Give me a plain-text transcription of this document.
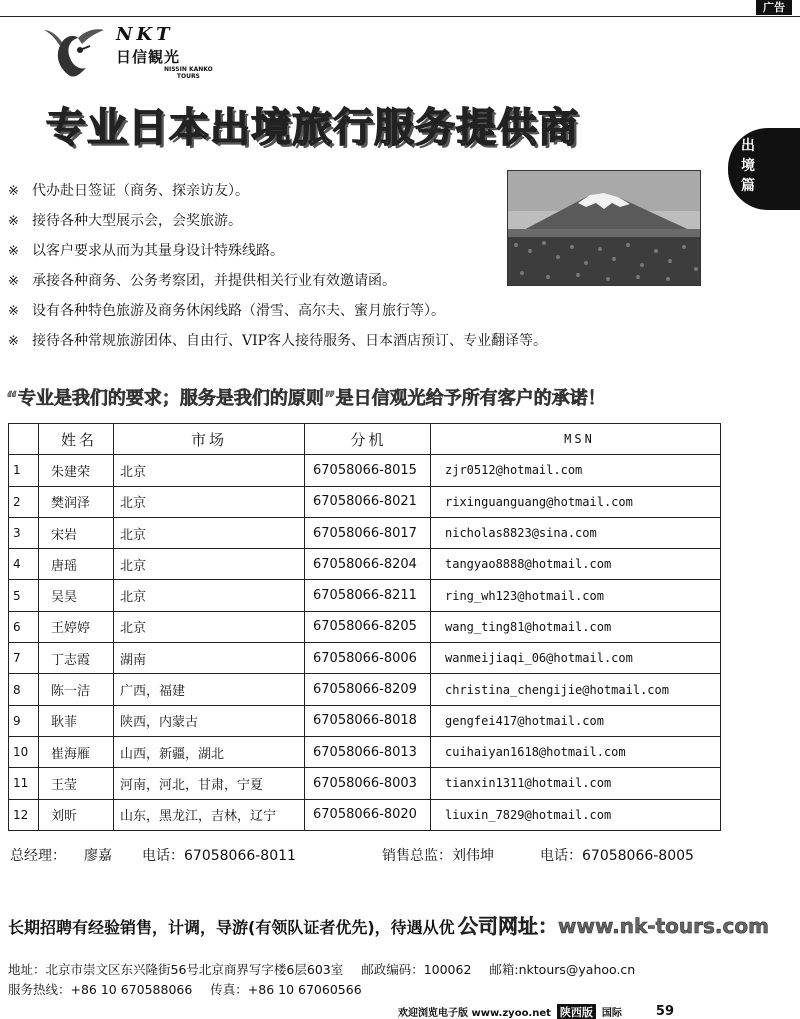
广告
NKT
日信観光
NISSIN KANKO
TOURS
专业日本出境旅行服务提供商	出境篇
※ 代办赴日签证（商务、探亲访友）。
※ 接待各种大型展示会，会奖旅游。
※ 以客户要求从而为其量身设计特殊线路。
※ 承接各种商务、公务考察团，并提供相关行业有效邀请函。
※ 设有各种特色旅游及商务休闲线路（滑雪、高尔夫、蜜月旅行等）。
※ 接待各种常规旅游团体、自由行、VIP客人接待服务、日本酒店预订、专业翻译等。
“专业是我们的要求；服务是我们的原则”是日信观光给予所有客户的承诺！
	姓名	市场	分机	MSN
1	朱建荣	北京	67058066-8015	zjr0512@hotmail.com
2	樊润泽	北京	67058066-8021	rixinguanguang@hotmail.com
3	宋岩	北京	67058066-8017	nicholas8823@sina.com
4	唐瑶	北京	67058066-8204	tangyao8888@hotmail.com
5	吴昊	北京	67058066-8211	ring_wh123@hotmail.com
6	王婷婷	北京	67058066-8205	wang_ting81@hotmail.com
7	丁志霞	湖南	67058066-8006	wanmeijiaqi_06@hotmail.com
8	陈一洁	广西，福建	67058066-8209	christina_chengijie@hotmail.com
9	耿菲	陕西，内蒙古	67058066-8018	gengfei417@hotmail.com
10	崔海雁	山西，新疆，湖北	67058066-8013	cuihaiyan1618@hotmail.com
11	王莹	河南，河北，甘肃，宁夏	67058066-8003	tianxin1311@hotmail.com
12	刘昕	山东，黑龙江，吉林，辽宁	67058066-8020	liuxin_7829@hotmail.com
总经理： 廖嘉 电话：67058066-8011	销售总监：刘伟坤	电话：67058066-8005
长期招聘有经验销售，计调，导游(有领队证者优先)，待遇从优 公司网址：www.nk-tours.com
地址：北京市崇文区东兴隆街56号北京商界写字楼6层603室 邮政编码：100062 邮箱:nktours@yahoo.cn
服务热线：+86 10 670588066 传真：+86 10 67060566
欢迎浏览电子版 www.zyoo.net 陕西版 国际	59
